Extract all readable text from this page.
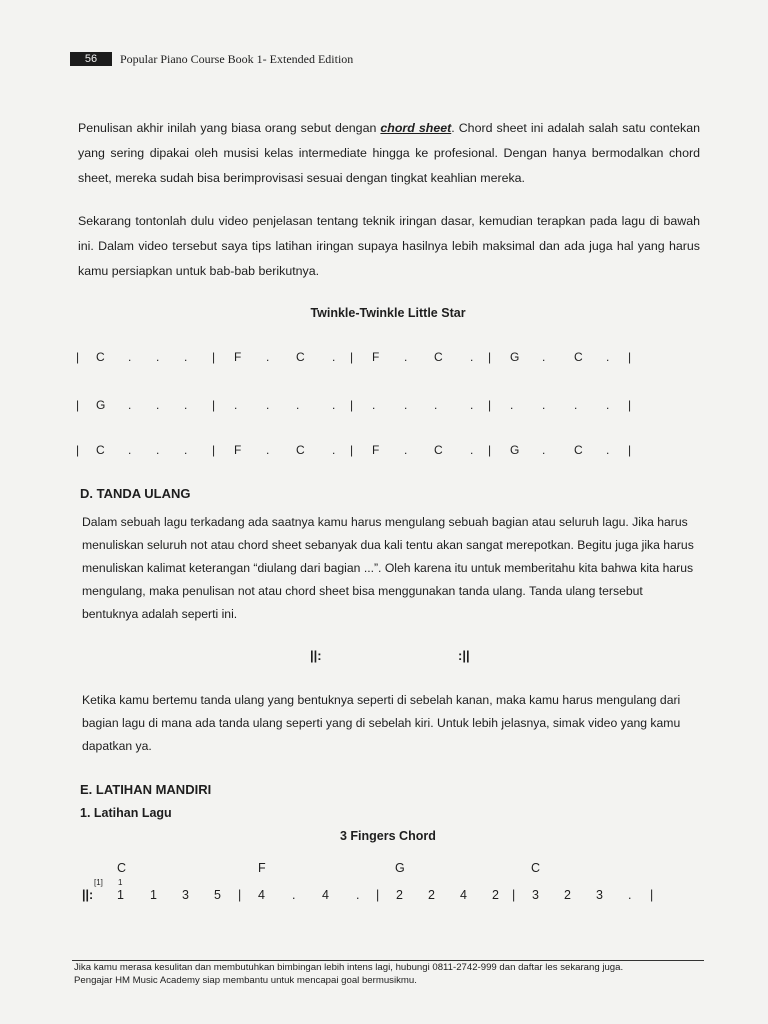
56	Popular Piano Course Book 1- Extended Edition

Penulisan akhir inilah yang biasa orang sebut dengan chord sheet. Chord sheet ini adalah salah satu contekan yang sering dipakai oleh musisi kelas intermediate hingga ke profesional. Dengan hanya bermodalkan chord sheet, mereka sudah bisa berimprovisasi sesuai dengan tingkat keahlian mereka.

Sekarang tontonlah dulu video penjelasan tentang teknik iringan dasar, kemudian terapkan pada lagu di bawah ini. Dalam video tersebut saya tips latihan iringan supaya hasilnya lebih maksimal dan ada juga hal yang harus kamu persiapkan untuk bab-bab berikutnya.

Twinkle-Twinkle Little Star
| C . . . | F . C . | F . C . | G . C . |
| G . . . | . . .	. | . . .	. | . . . . |
| C . . . | F . C . | F . C . | G . C . |
D. TANDA ULANG

Dalam sebuah lagu terkadang ada saatnya kamu harus mengulang sebuah bagian atau seluruh lagu. Jika harus menuliskan seluruh not atau chord sheet sebanyak dua kali tentu akan sangat merepotkan. Begitu juga jika harus menuliskan kalimat keterangan “diulang dari bagian ...”. Oleh karena itu untuk memberitahu kita bahwa kita harus mengulang, maka penulisan not atau chord sheet bisa menggunakan tanda ulang. Tanda ulang tersebut bentuknya adalah seperti ini.

||:	:||

Ketika kamu bertemu tanda ulang yang bentuknya seperti di sebelah kanan, maka kamu harus mengulang dari bagian lagu di mana ada tanda ulang seperti yang di sebelah kiri. Untuk lebih jelasnya, simak video yang kamu dapatkan ya.

E. LATIHAN MANDIRI
1. Latihan Lagu
3 Fingers Chord
C	F	G	C
[1] 1
||: 1 1 3 5 | 4 . 4 . | 2 2 4 2 | 3 2 3 . |
Jika kamu merasa kesulitan dan membutuhkan bimbingan lebih intens lagi, hubungi 0811-2742-999 dan daftar les sekarang juga.
Pengajar HM Music Academy siap membantu untuk mencapai goal bermusikmu.
